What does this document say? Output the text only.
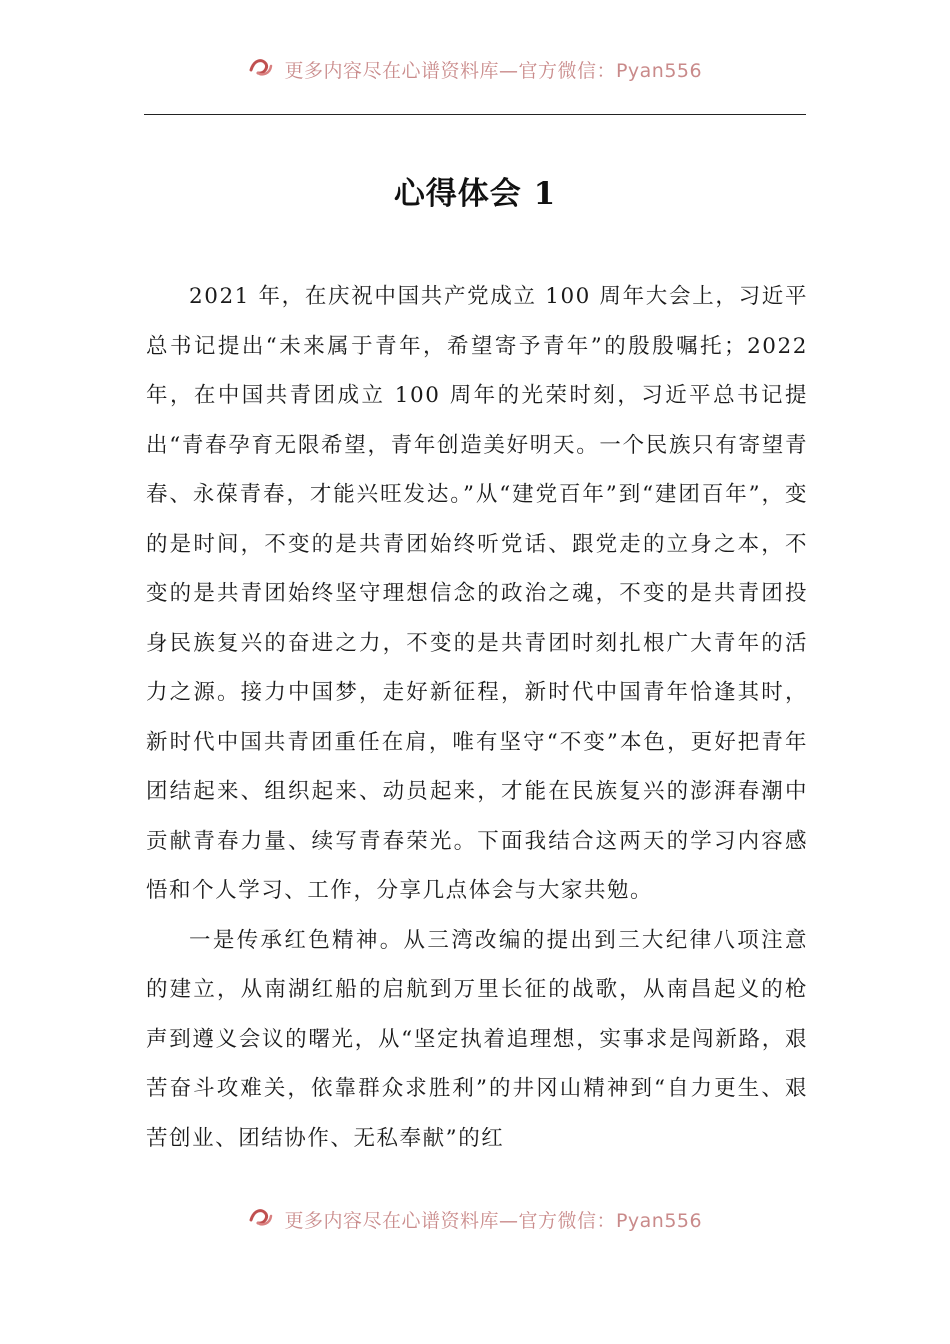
更多内容尽在心谱资料库—官方微信：Pyan556
心得体会 1

2021 年，在庆祝中国共产党成立 100 周年大会上，习近平总书记提出“未来属于青年，希望寄予青年”的殷殷嘱托；2022 年，在中国共青团成立 100 周年的光荣时刻，习近平总书记提出“青春孕育无限希望，青年创造美好明天。一个民族只有寄望青春、永葆青春，才能兴旺发达。”从“建党百年”到“建团百年”，变的是时间，不变的是共青团始终听党话、跟党走的立身之本，不变的是共青团始终坚守理想信念的政治之魂，不变的是共青团投身民族复兴的奋进之力，不变的是共青团时刻扎根广大青年的活力之源。接力中国梦，走好新征程，新时代中国青年恰逢其时，新时代中国共青团重任在肩，唯有坚守“不变”本色，更好把青年团结起来、组织起来、动员起来，才能在民族复兴的澎湃春潮中贡献青春力量、续写青春荣光。下面我结合这两天的学习内容感悟和个人学习、工作，分享几点体会与大家共勉。

一是传承红色精神。从三湾改编的提出到三大纪律八项注意的建立，从南湖红船的启航到万里长征的战歌，从南昌起义的枪声到遵义会议的曙光，从“坚定执着追理想，实事求是闯新路，艰苦奋斗攻难关，依靠群众求胜利”的井冈山精神到“自力更生、艰苦创业、团结协作、无私奉献”的红

更多内容尽在心谱资料库—官方微信：Pyan556
